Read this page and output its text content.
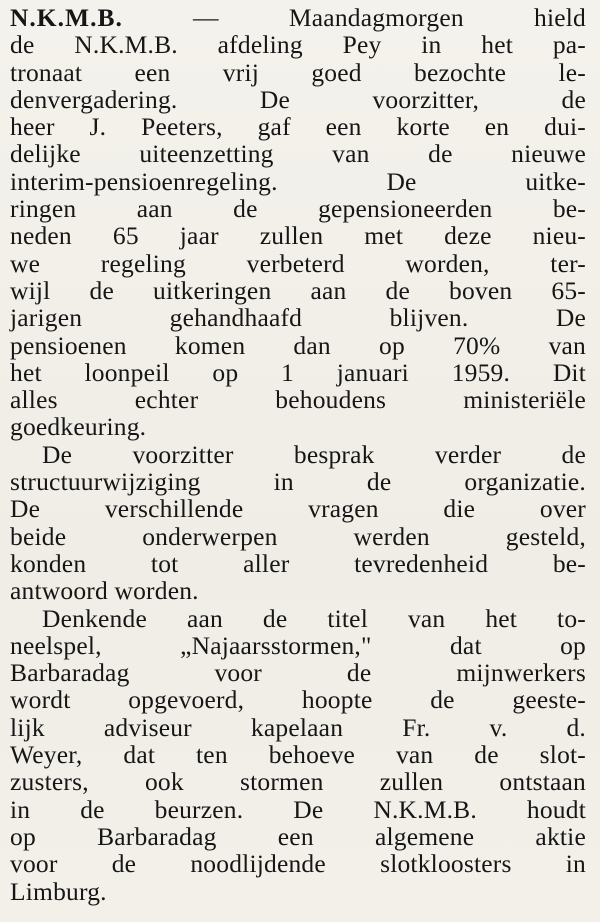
N.K.M.B. — Maandagmorgen hield
de N.K.M.B. afdeling Pey in het pa-
tronaat een vrij goed bezochte le-
denvergadering. De voorzitter, de
heer J. Peeters, gaf een korte en dui-
delijke uiteenzetting van de nieuwe
interim-pensioenregeling. De uitke-
ringen aan de gepensioneerden be-
neden 65 jaar zullen met deze nieu-
we regeling verbeterd worden, ter-
wijl de uitkeringen aan de boven 65-
jarigen gehandhaafd blijven. De
pensioenen komen dan op 70% van
het loonpeil op 1 januari 1959. Dit
alles echter behoudens ministeriële
goedkeuring.
De voorzitter besprak verder de
structuurwijziging in de organizatie.
De verschillende vragen die over
beide onderwerpen werden gesteld,
konden tot aller tevredenheid be-
antwoord worden.
Denkende aan de titel van het to-
neelspel, „Najaarsstormen," dat op
Barbaradag voor de mijnwerkers
wordt opgevoerd, hoopte de geeste-
lijk adviseur kapelaan Fr. v. d.
Weyer, dat ten behoeve van de slot-
zusters, ook stormen zullen ontstaan
in de beurzen. De N.K.M.B. houdt
op Barbaradag een algemene aktie
voor de noodlijdende slotkloosters in
Limburg.
